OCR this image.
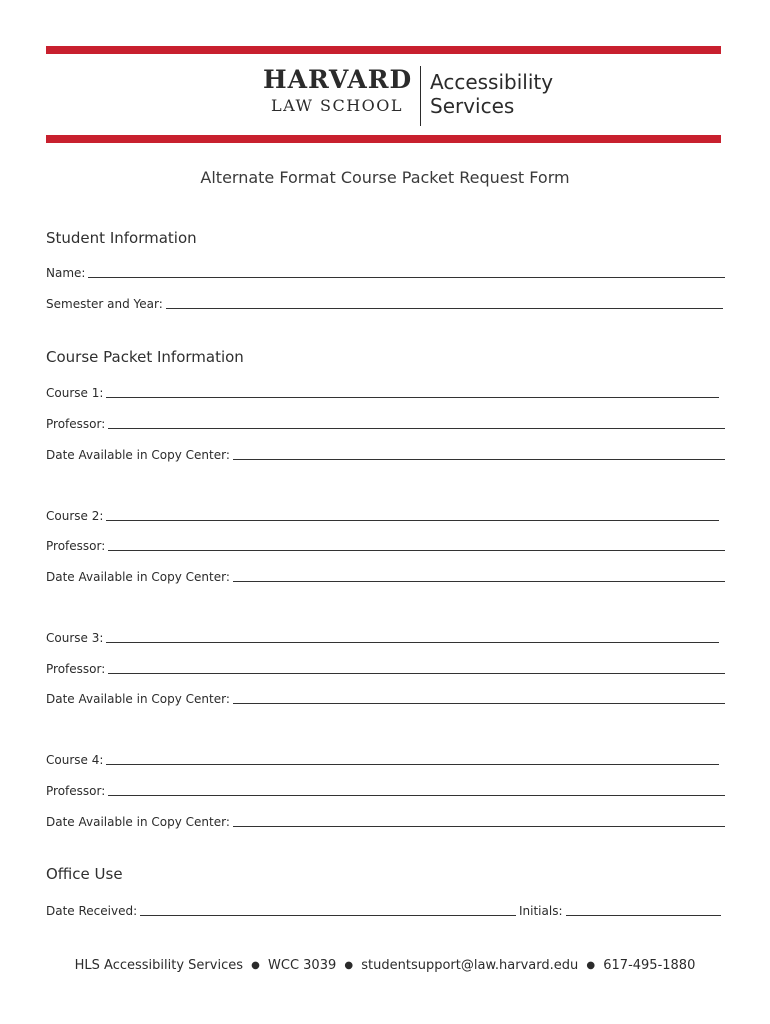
HARVARD
LAW SCHOOL
Accessibility
Services
Alternate Format Course Packet Request Form
Student Information
Name:
Semester and Year:
Course Packet Information
Course 1:
Professor:
Date Available in Copy Center:
Course 2:
Professor:
Date Available in Copy Center:
Course 3:
Professor:
Date Available in Copy Center:
Course 4:
Professor:
Date Available in Copy Center:
Office Use
Date Received:	Initials:
HLS Accessibility Services ● WCC 3039 ● studentsupport@law.harvard.edu ● 617-495-1880
